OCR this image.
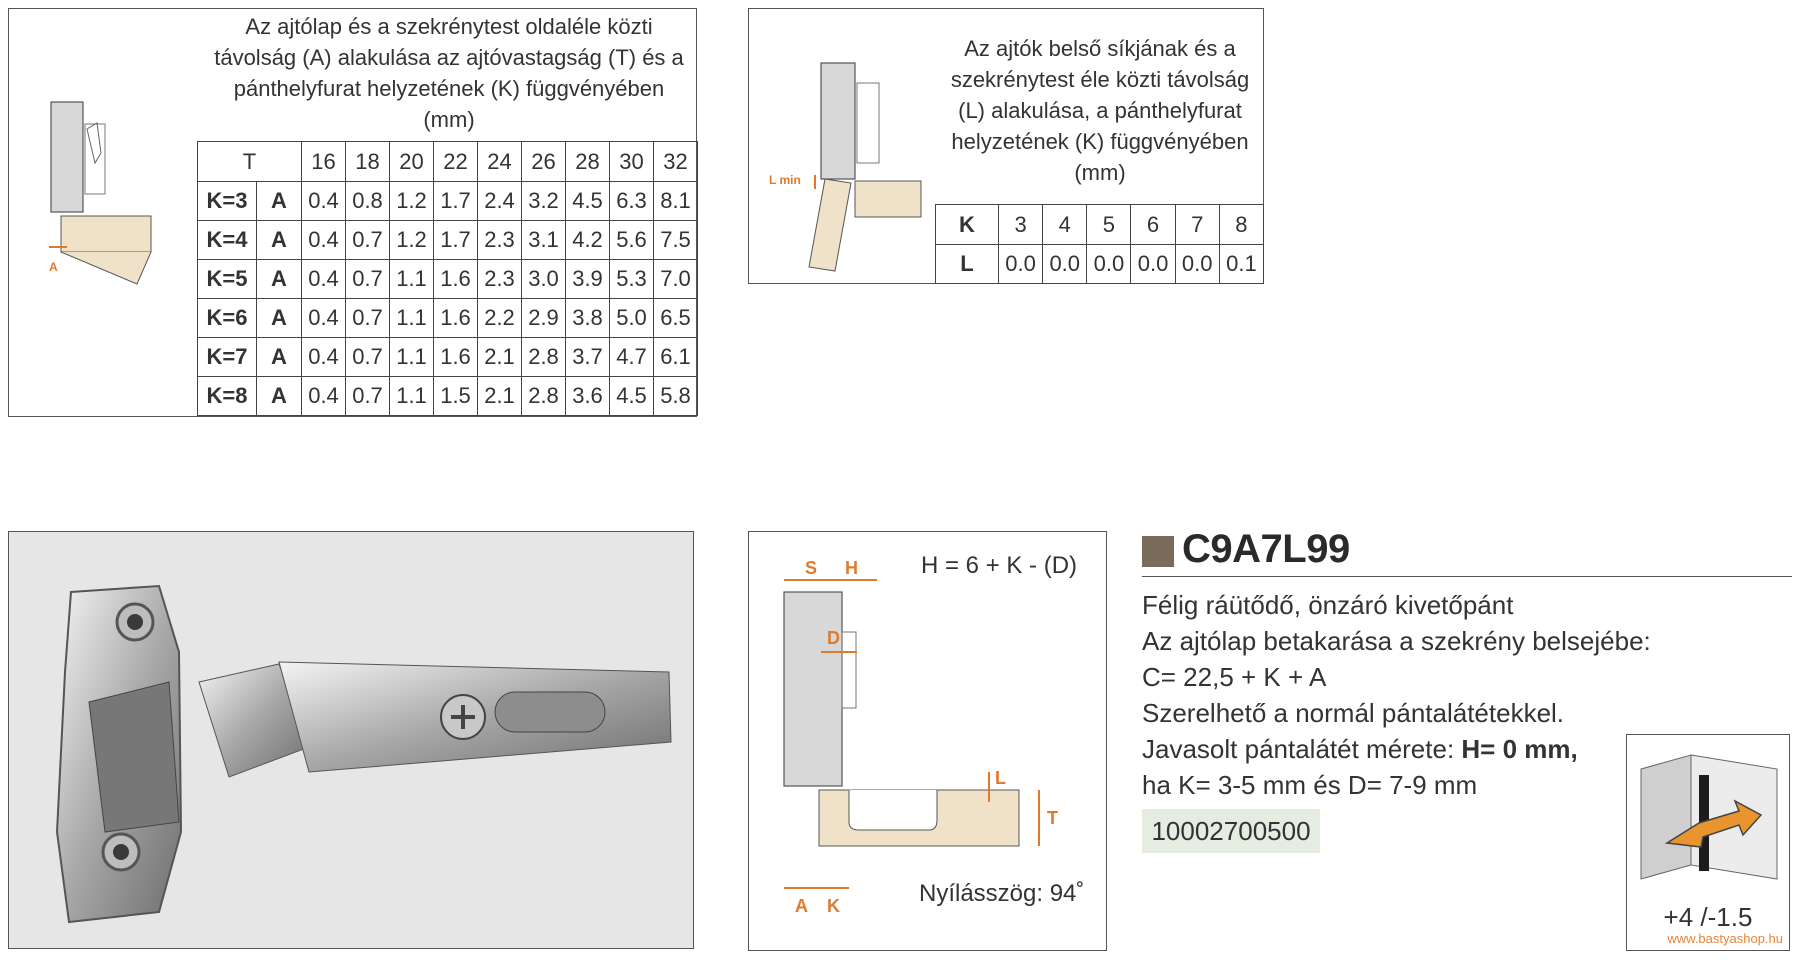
A
Az ajtólap és a szekrénytest oldaléle közti
távolság (A) alakulása az ajtóvastagság (T) és a
pánthelyfurat helyzetének (K) függvényében
(mm)
T		16	18	20	22	24	26	28	30	32
K=3	A	0.4	0.8	1.2	1.7	2.4	3.2	4.5	6.3	8.1
K=4	A	0.4	0.7	1.2	1.7	2.3	3.1	4.2	5.6	7.5
K=5	A	0.4	0.7	1.1	1.6	2.3	3.0	3.9	5.3	7.0
K=6	A	0.4	0.7	1.1	1.6	2.2	2.9	3.8	5.0	6.5
K=7	A	0.4	0.7	1.1	1.6	2.1	2.8	3.7	4.7	6.1
K=8	A	0.4	0.7	1.1	1.5	2.1	2.8	3.6	4.5	5.8
L min
Az ajtók belső síkjának és a
szekrénytest éle közti távolság
(L) alakulása, a pánthelyfurat
helyzetének (K) függvényében
(mm)
K	3	4	5	6	7	8
L	0.0	0.0	0.0	0.0	0.0	0.1
H = 6 + K - (D)
S H
D
L
T
A K	Nyílásszög: 94˚
C9A7L99
Félig ráütődő, önzáró kivetőpánt
Az ajtólap betakarása a szekrény belsejébe:
C= 22,5 + K + A
Szerelhető a normál pántalátétekkel.
Javasolt pántalátét mérete: H= 0 mm,
ha K= 3-5 mm és D= 7-9 mm
10002700500
+4 /-1.5
www.bastyashop.hu
